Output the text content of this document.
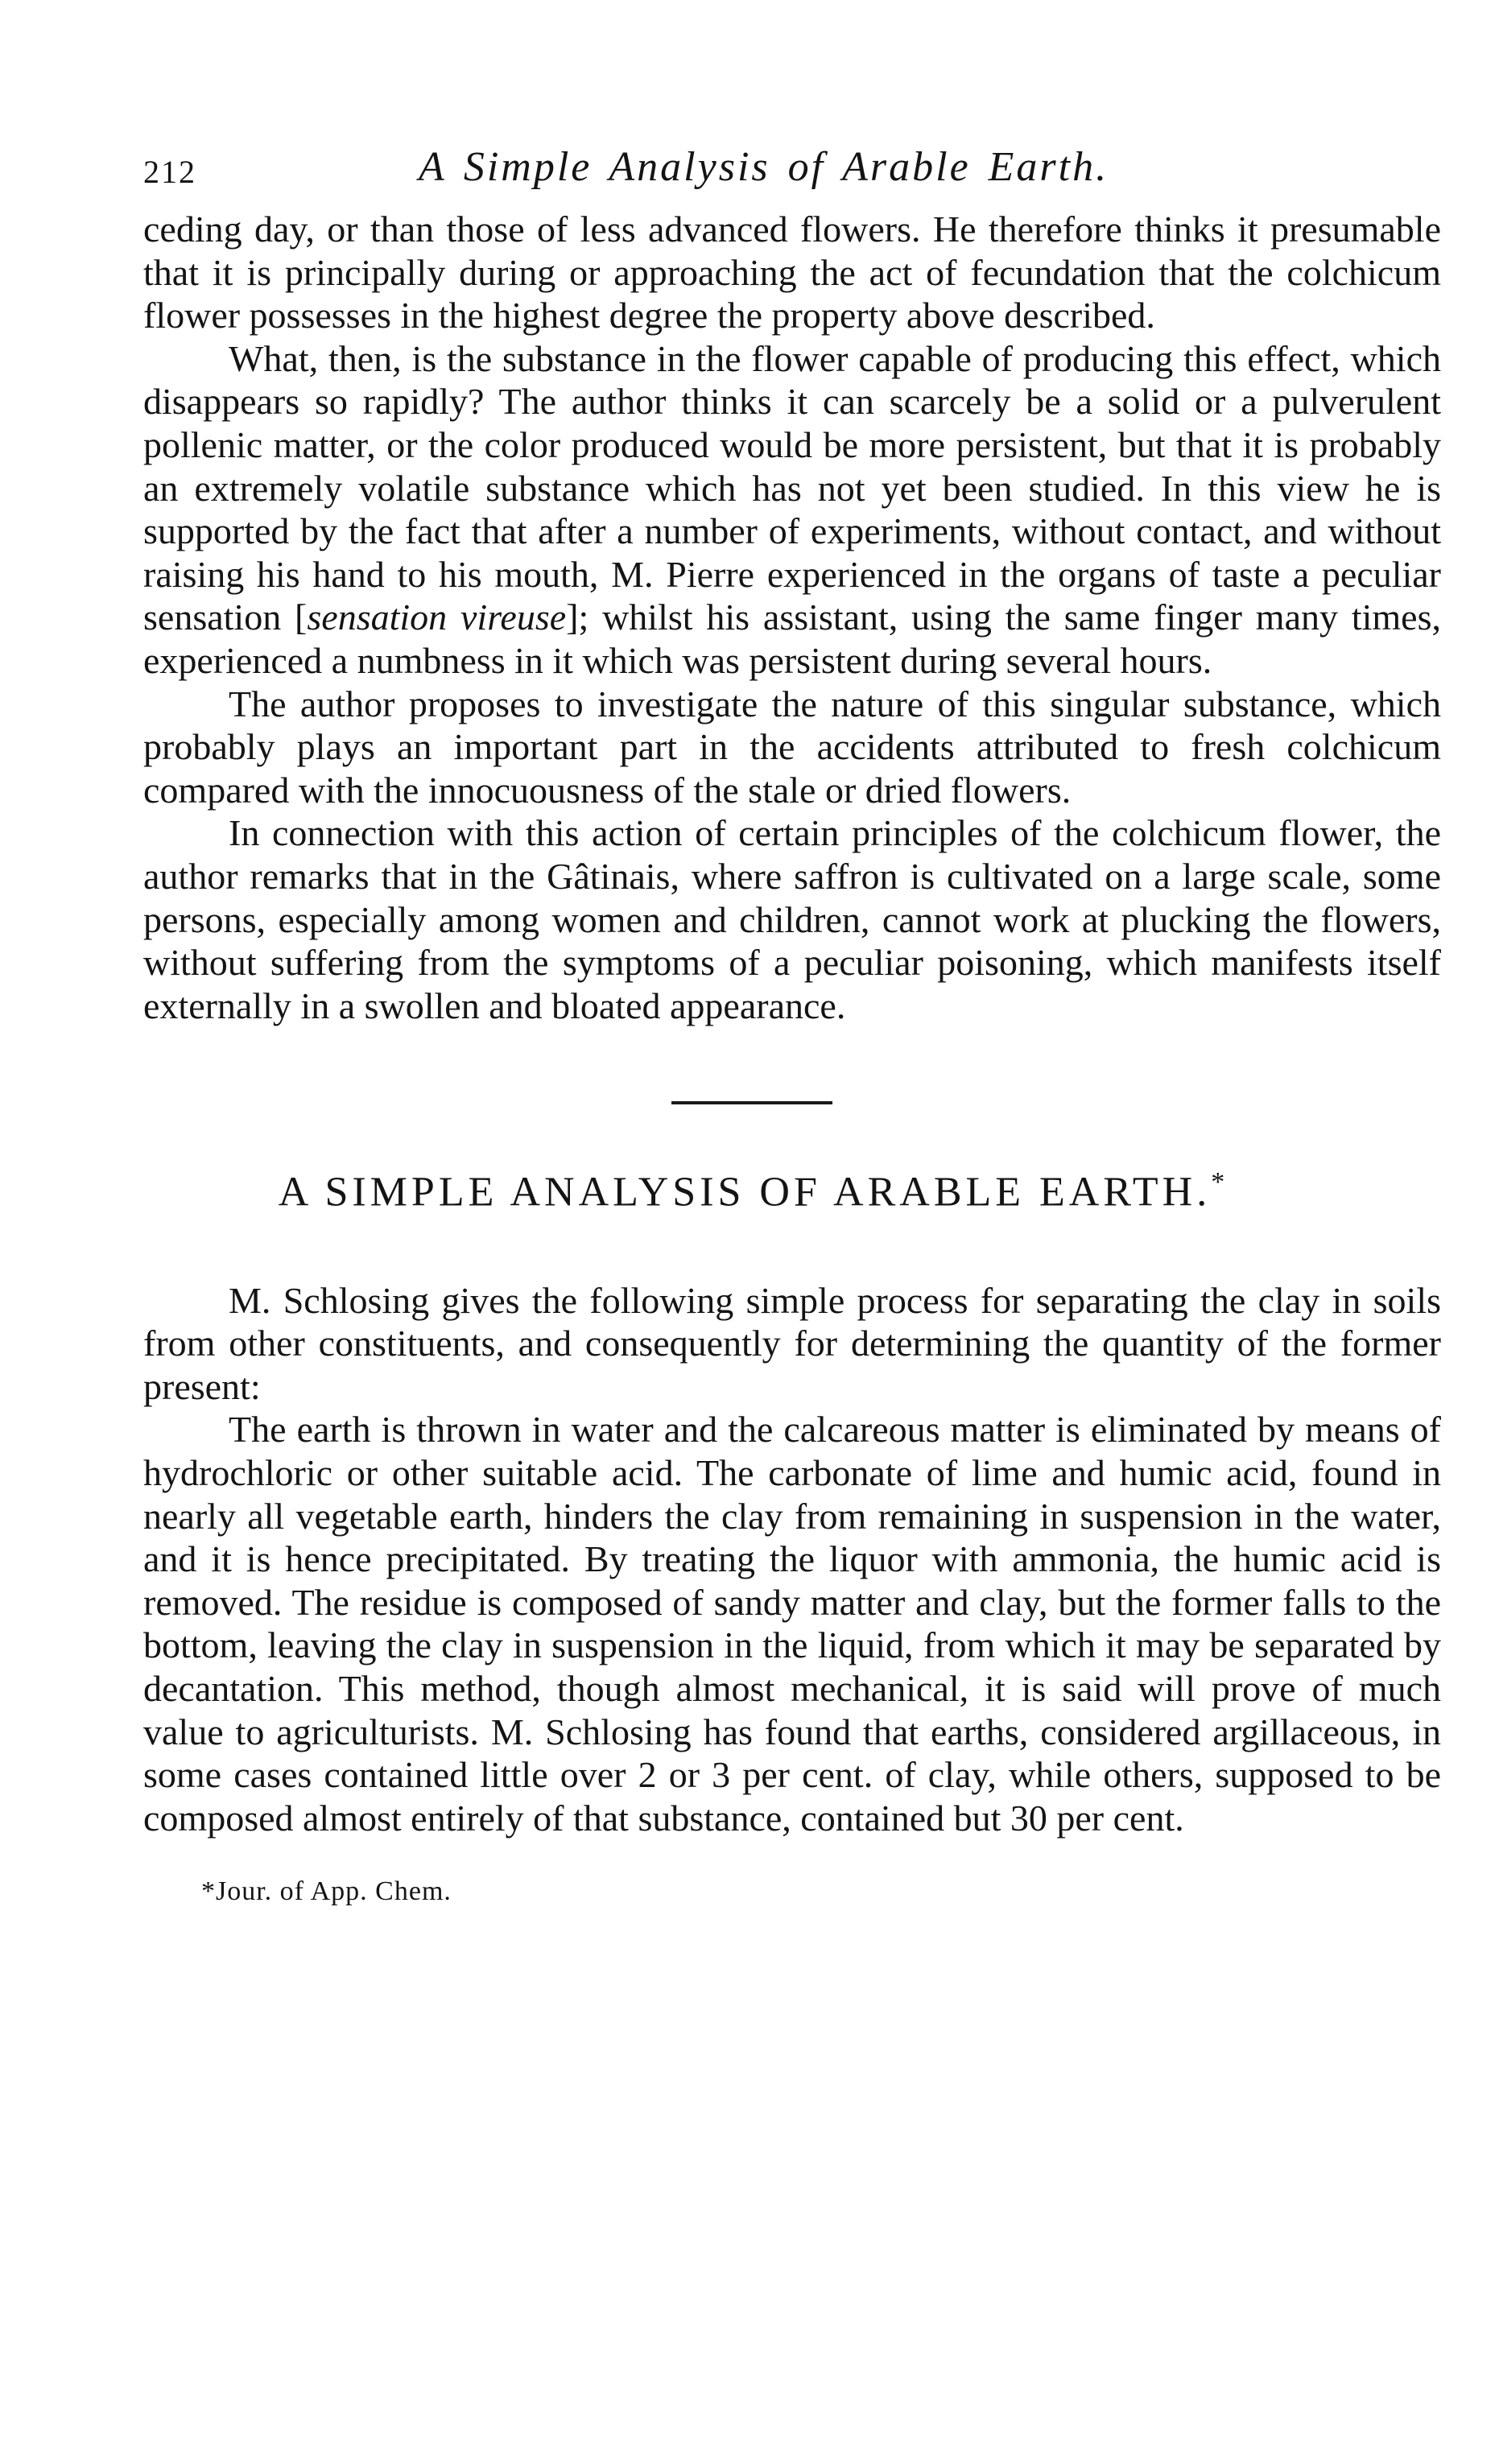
212	A Simple Analysis of Arable Earth.

ceding day, or than those of less advanced flowers. He therefore thinks it presumable that it is principally during or approaching the act of fecundation that the colchicum flower possesses in the highest degree the property above described.

What, then, is the substance in the flower capable of producing this effect, which disappears so rapidly? The author thinks it can scarcely be a solid or a pulverulent pollenic matter, or the color produced would be more persistent, but that it is probably an extremely volatile substance which has not yet been studied. In this view he is supported by the fact that after a number of experiments, without contact, and without raising his hand to his mouth, M. Pierre experienced in the organs of taste a peculiar sensation [sensation vireuse]; whilst his assistant, using the same finger many times, experienced a numbness in it which was persistent during several hours.

The author proposes to investigate the nature of this singular substance, which probably plays an important part in the accidents attributed to fresh colchicum compared with the innocuousness of the stale or dried flowers.

In connection with this action of certain principles of the colchicum flower, the author remarks that in the Gâtinais, where saffron is cultivated on a large scale, some persons, especially among women and children, cannot work at plucking the flowers, without suffering from the symptoms of a peculiar poisoning, which manifests itself externally in a swollen and bloated appearance.

A SIMPLE ANALYSIS OF ARABLE EARTH.*

M. Schlosing gives the following simple process for separating the clay in soils from other constituents, and consequently for determining the quantity of the former present:

The earth is thrown in water and the calcareous matter is eliminated by means of hydrochloric or other suitable acid. The carbonate of lime and humic acid, found in nearly all vegetable earth, hinders the clay from remaining in suspension in the water, and it is hence precipitated. By treating the liquor with ammonia, the humic acid is removed. The residue is composed of sandy matter and clay, but the former falls to the bottom, leaving the clay in suspension in the liquid, from which it may be separated by decantation. This method, though almost mechanical, it is said will prove of much value to agriculturists. M. Schlosing has found that earths, considered argillaceous, in some cases contained little over 2 or 3 per cent. of clay, while others, supposed to be composed almost entirely of that substance, contained but 30 per cent.

*Jour. of App. Chem.
